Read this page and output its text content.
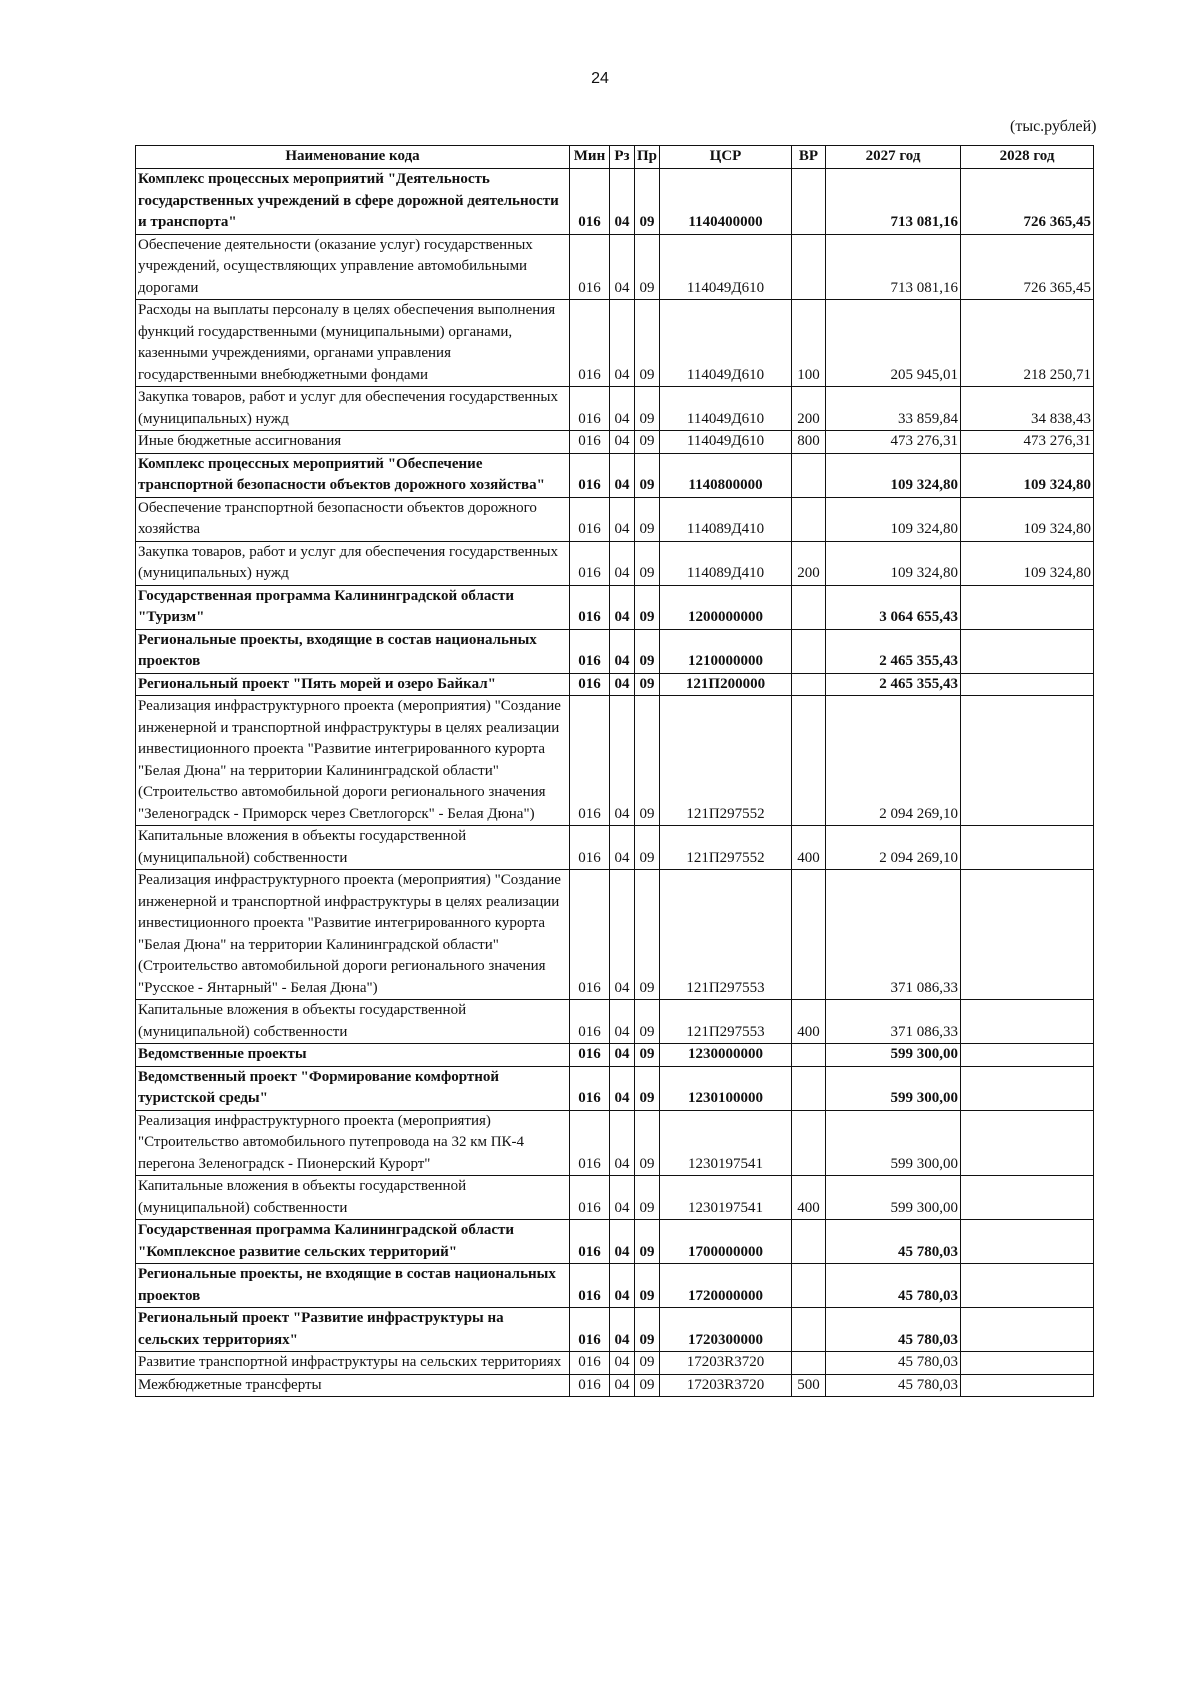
24
(тыс.рублей)
Наименование кода	Мин	Рз	Пр	ЦСР	ВР	2027 год	2028 год
Комплекс процессных мероприятий "Деятельность государственных учреждений в сфере дорожной деятельности и транспорта"	016	04	09	1140400000		713 081,16	726 365,45
Обеспечение деятельности (оказание услуг) государственных учреждений, осуществляющих управление автомобильными дорогами	016	04	09	114049Д610		713 081,16	726 365,45
Расходы на выплаты персоналу в целях обеспечения выполнения функций государственными (муниципальными) органами, казенными учреждениями, органами управления государственными внебюджетными фондами	016	04	09	114049Д610	100	205 945,01	218 250,71
Закупка товаров, работ и услуг для обеспечения государственных (муниципальных) нужд	016	04	09	114049Д610	200	33 859,84	34 838,43
Иные бюджетные ассигнования	016	04	09	114049Д610	800	473 276,31	473 276,31
Комплекс процессных мероприятий "Обеспечение транспортной безопасности объектов дорожного хозяйства"	016	04	09	1140800000		109 324,80	109 324,80
Обеспечение транспортной безопасности объектов дорожного хозяйства	016	04	09	114089Д410		109 324,80	109 324,80
Закупка товаров, работ и услуг для обеспечения государственных (муниципальных) нужд	016	04	09	114089Д410	200	109 324,80	109 324,80
Государственная программа Калининградской области "Туризм"	016	04	09	1200000000		3 064 655,43	
Региональные проекты, входящие в состав национальных проектов	016	04	09	1210000000		2 465 355,43	
Региональный проект "Пять морей и озеро Байкал"	016	04	09	121П200000		2 465 355,43	
Реализация инфраструктурного проекта (мероприятия) "Создание инженерной и транспортной инфраструктуры в целях реализации инвестиционного проекта "Развитие интегрированного курорта "Белая Дюна" на территории Калининградской области" (Строительство автомобильной дороги регионального значения "Зеленоградск - Приморск через Светлогорск" - Белая Дюна")	016	04	09	121П297552		2 094 269,10	
Капитальные вложения в объекты государственной (муниципальной) собственности	016	04	09	121П297552	400	2 094 269,10	
Реализация инфраструктурного проекта (мероприятия) "Создание инженерной и транспортной инфраструктуры в целях реализации инвестиционного проекта "Развитие интегрированного курорта "Белая Дюна" на территории Калининградской области" (Строительство автомобильной дороги регионального значения "Русское - Янтарный" - Белая Дюна")	016	04	09	121П297553		371 086,33	
Капитальные вложения в объекты государственной (муниципальной) собственности	016	04	09	121П297553	400	371 086,33	
Ведомственные проекты	016	04	09	1230000000		599 300,00	
Ведомственный проект "Формирование комфортной туристской среды"	016	04	09	1230100000		599 300,00	
Реализация инфраструктурного проекта (мероприятия) "Строительство автомобильного путепровода на 32 км ПК-4 перегона Зеленоградск - Пионерский Курорт"	016	04	09	1230197541		599 300,00	
Капитальные вложения в объекты государственной (муниципальной) собственности	016	04	09	1230197541	400	599 300,00	
Государственная программа Калининградской области "Комплексное развитие сельских территорий"	016	04	09	1700000000		45 780,03	
Региональные проекты, не входящие в состав национальных проектов	016	04	09	1720000000		45 780,03	
Региональный проект "Развитие инфраструктуры на сельских территориях"	016	04	09	1720300000		45 780,03	
Развитие транспортной инфраструктуры на сельских территориях	016	04	09	17203R3720		45 780,03	
Межбюджетные трансферты	016	04	09	17203R3720	500	45 780,03	
